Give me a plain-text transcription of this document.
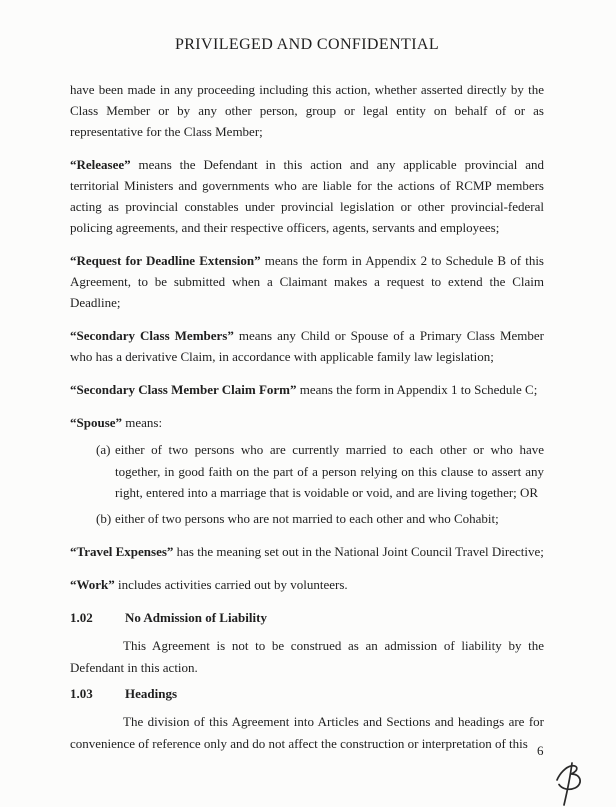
PRIVILEGED AND CONFIDENTIAL

have been made in any proceeding including this action, whether asserted directly by the Class Member or by any other person, group or legal entity on behalf of or as representative for the Class Member;

“Releasee” means the Defendant in this action and any applicable provincial and territorial Ministers and governments who are liable for the actions of RCMP members acting as provincial constables under provincial legislation or other provincial-federal policing agreements, and their respective officers, agents, servants and employees;

“Request for Deadline Extension” means the form in Appendix 2 to Schedule B of this Agreement, to be submitted when a Claimant makes a request to extend the Claim Deadline;

“Secondary Class Members” means any Child or Spouse of a Primary Class Member who has a derivative Claim, in accordance with applicable family law legislation;

“Secondary Class Member Claim Form” means the form in Appendix 1 to Schedule C;

“Spouse” means:

(a) either of two persons who are currently married to each other or who have together, in good faith on the part of a person relying on this clause to assert any right, entered into a marriage that is voidable or void, and are living together; OR
(b) either of two persons who are not married to each other and who Cohabit;

“Travel Expenses” has the meaning set out in the National Joint Council Travel Directive;

“Work” includes activities carried out by volunteers.

1.02 No Admission of Liability

This Agreement is not to be construed as an admission of liability by the Defendant in this action.

1.03 Headings

The division of this Agreement into Articles and Sections and headings are for convenience of reference only and do not affect the construction or interpretation of this 6
